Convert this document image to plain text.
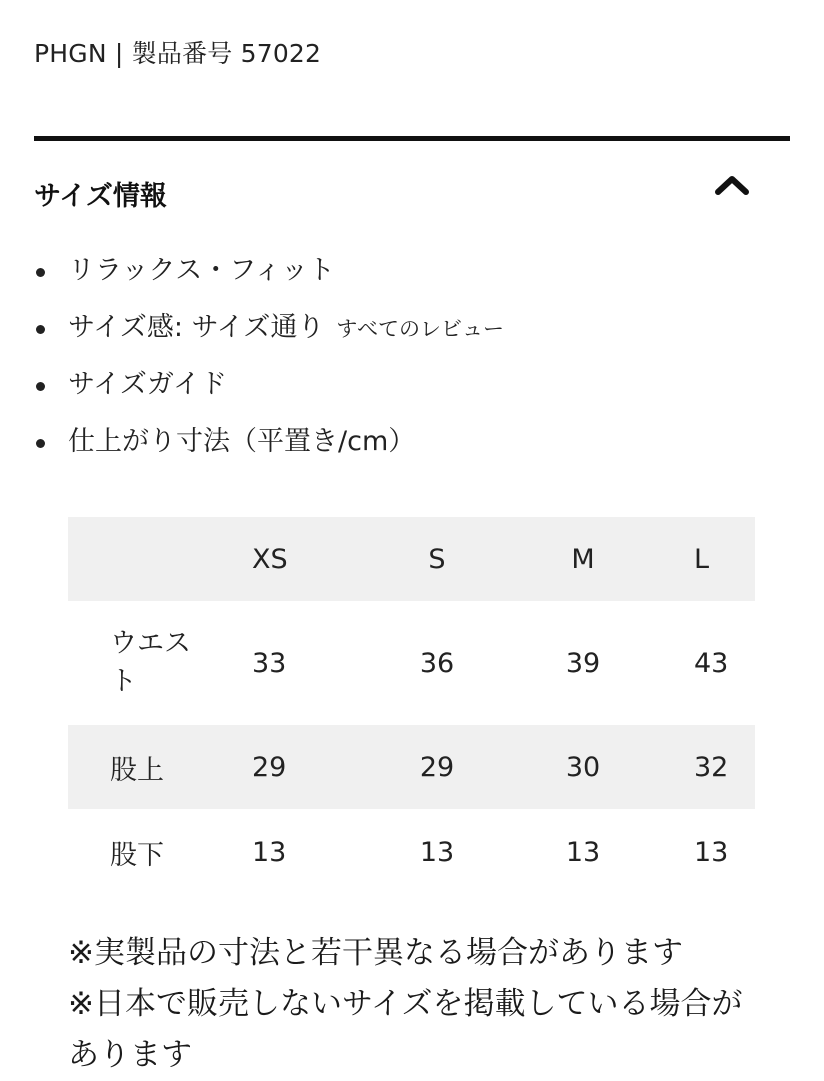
PHGN | 製品番号 57022
サイズ情報
リラックス・フィット
サイズ感: サイズ通り すべてのレビュー
サイズガイド
仕上がり寸法（平置き/cm）
	XS	S	M	L
ウエスト	33	36	39	43
股上	29	29	30	32
股下	13	13	13	13

※実製品の寸法と若干異なる場合があります

※日本で販売しないサイズを掲載している場合があります
